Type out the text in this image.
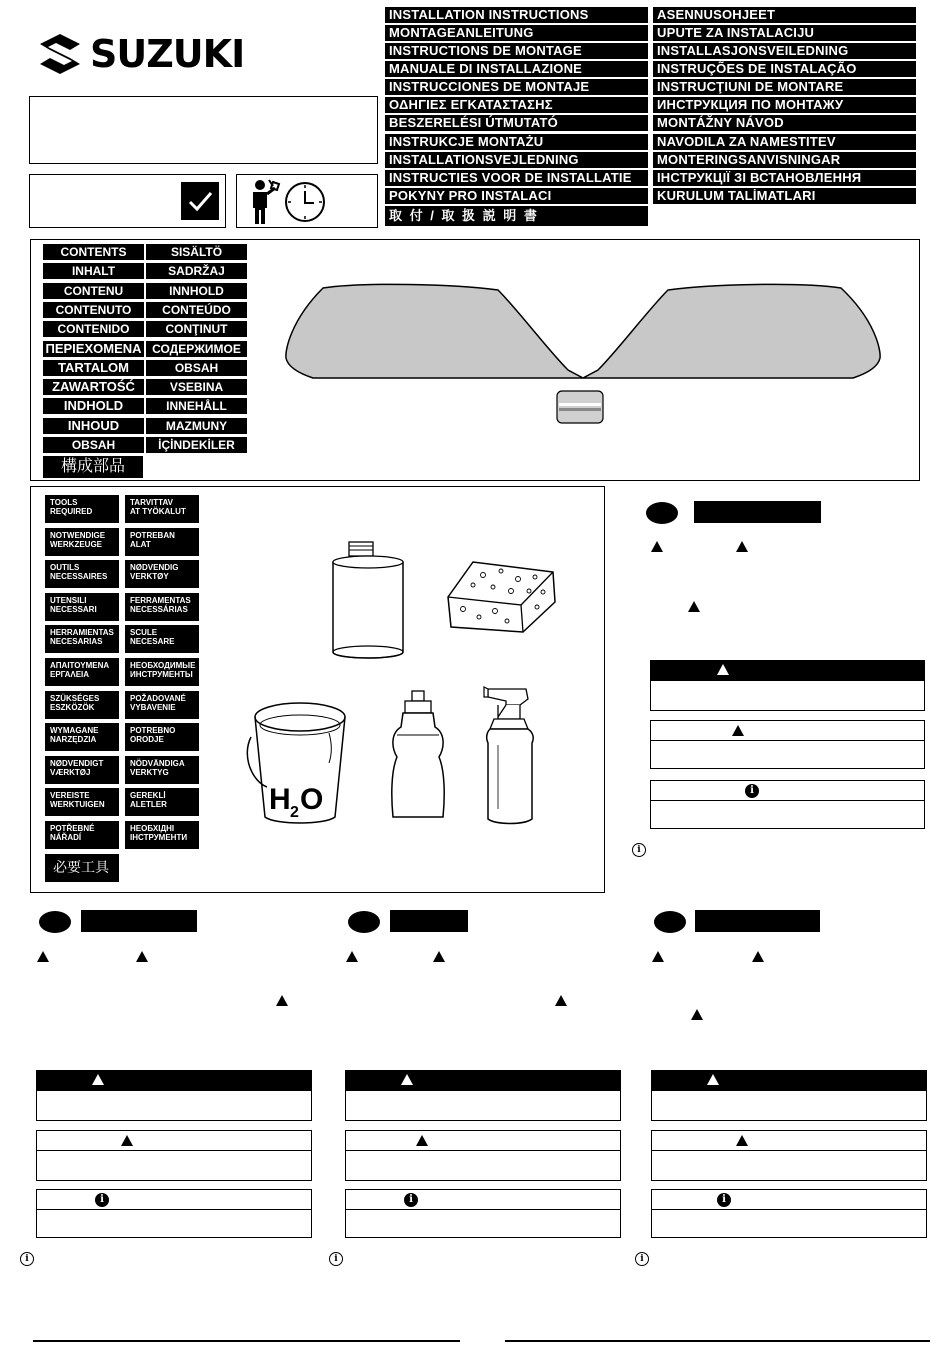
SUZUKI
INSTALLATION INSTRUCTIONS
MONTAGEANLEITUNG
INSTRUCTIONS DE MONTAGE
MANUALE DI INSTALLAZIONE
INSTRUCCIONES DE MONTAJE
ΟΔΗΓΙΕΣ ΕΓΚΑΤΑΣΤΑΣΗΣ
BESZERELÉSI ÚTMUTATÓ
INSTRUKCJE MONTAŻU
INSTALLATIONSVEJLEDNING
INSTRUCTIES VOOR DE INSTALLATIE
POKYNY PRO INSTALACI
取 付 / 取 扱 説 明 書
ASENNUSOHJEET
UPUTE ZA INSTALACIJU
INSTALLASJONSVEILEDNING
INSTRUÇÕES DE INSTALAÇÃO
INSTRUCŢIUNI DE MONTARE
ИНСТРУКЦИЯ ПО МОНТАЖУ
MONTÁŽNY NÁVOD
NAVODILA ZA NAMESTITEV
MONTERINGSANVISNINGAR
ІНСТРУКЦІЇ ЗІ ВСТАНОВЛЕННЯ
KURULUM TALİMATLARI
CONTENTS
INHALT
CONTENU
CONTENUTO
CONTENIDO
ΠΕΡΙΕΧΟΜΕΝΑ
TARTALOM
ZAWARTOŚĆ
INDHOLD
INHOUD
OBSAH
構成部品
SISÄLTÖ
SADRŽAJ
INNHOLD
CONTEÚDO
CONŢINUT
СОДЕРЖИМОЕ
OBSAH
VSEBINA
INNEHÅLL
MAZMUNY
İÇİNDEKİLER
H 2 O
TOOLS
REQUIRED
NOTWENDIGE
WERKZEUGE
OUTILS
NECESSAIRES
UTENSILI
NECESSARI
HERRAMIENTAS
NECESARIAS
ΑΠΑΙΤΟΥΜΕΝΑ
ΕΡΓΑΛΕΙΑ
SZÜKSÉGES
ESZKÖZÖK
WYMAGANE
NARZĘDZIA
NØDVENDIGT
VÆRKTØJ
VEREISTE
WERKTUIGEN
POTŘEBNÉ
NÁŘADÍ
必要工具
TARVITTAV
AT TYÖKALUT
POTREBAN
ALAT
NØDVENDIG
VERKTØY
FERRAMENTAS
NECESSÁRIAS
SCULE
NECESARE
НЕОБХОДИМЫЕ
ИНСТРУМЕНТЫ
POŽADOVANÉ
VYBAVENIE
POTREBNO
ORODJE
NÖDVÄNDIGA
VERKTYG
GEREKLİ
ALETLER
НЕОБХІДНІ
ІНСТРУМЕНТИ
i
i
i
i
i
i
i
i
